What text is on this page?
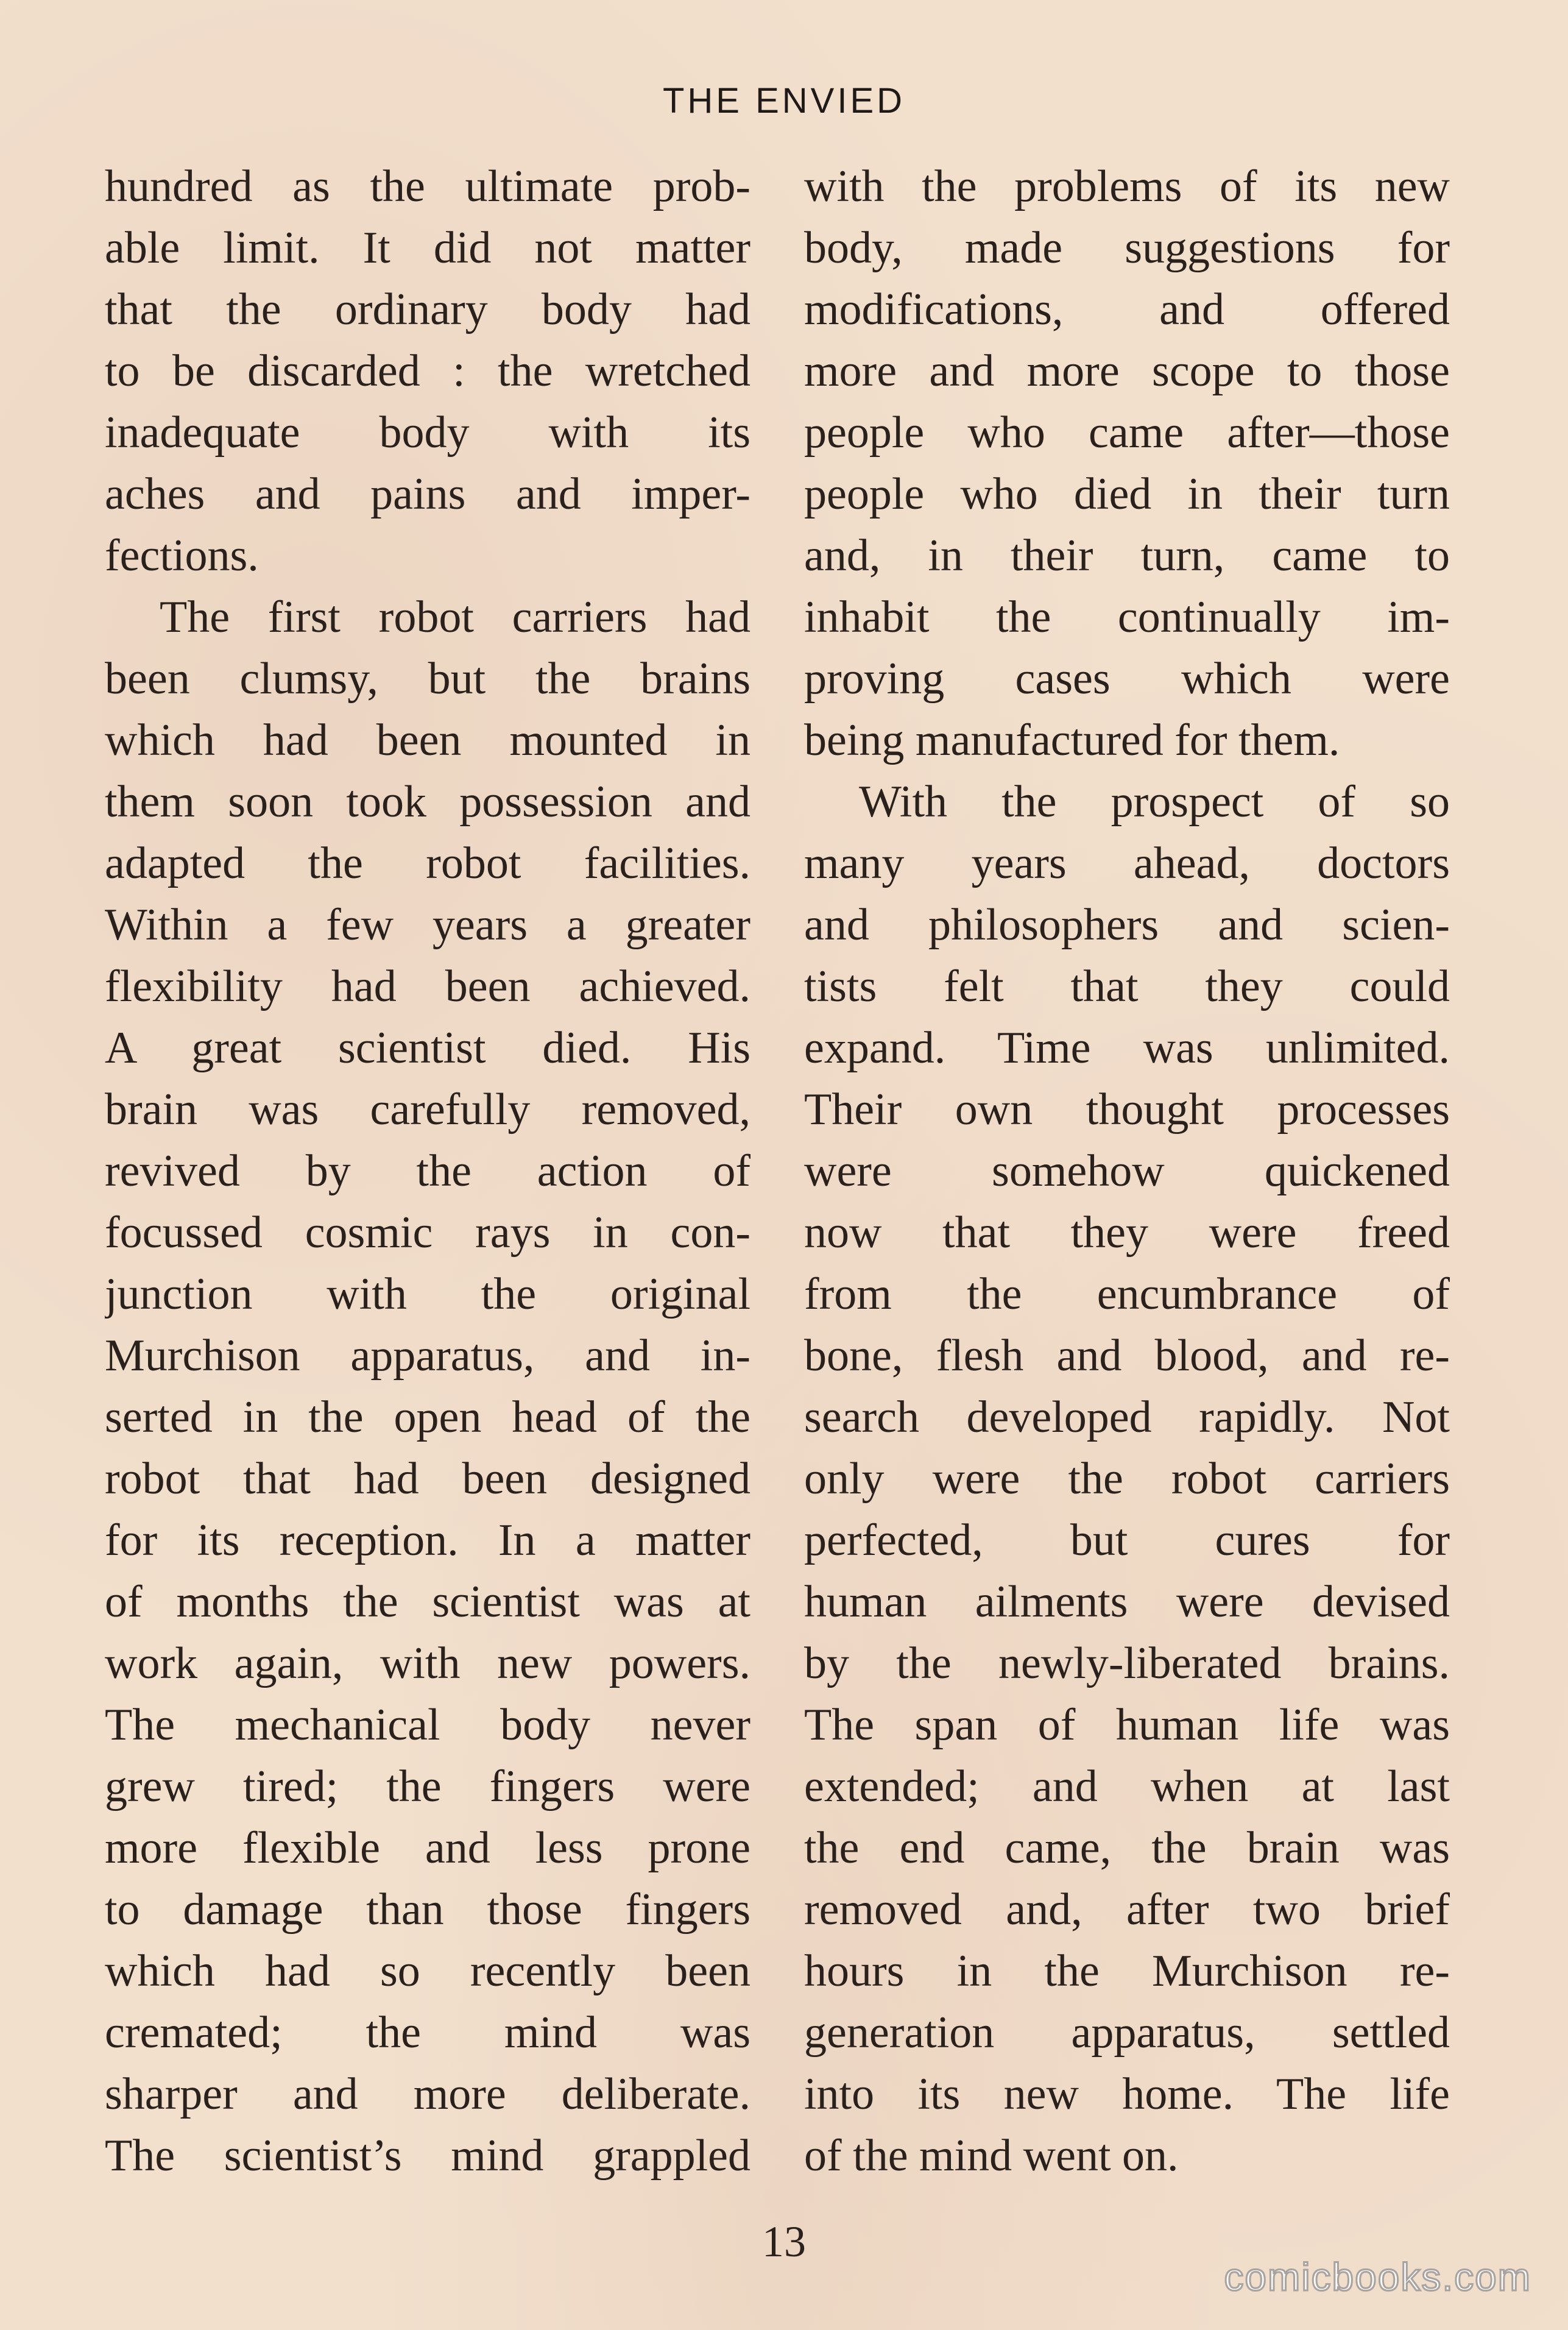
THE ENVIED
hundred as the ultimate prob-
able limit. It did not matter
that the ordinary body had
to be discarded : the wretched
inadequate body with its
aches and pains and imper-
fections.
The first robot carriers had
been clumsy, but the brains
which had been mounted in
them soon took possession and
adapted the robot facilities.
Within a few years a greater
flexibility had been achieved.
A great scientist died. His
brain was carefully removed,
revived by the action of
focussed cosmic rays in con-
junction with the original
Murchison apparatus, and in-
serted in the open head of the
robot that had been designed
for its reception. In a matter
of months the scientist was at
work again, with new powers.
The mechanical body never
grew tired; the fingers were
more flexible and less prone
to damage than those fingers
which had so recently been
cremated; the mind was
sharper and more deliberate.
The scientist’s mind grappled
with the problems of its new
body, made suggestions for
modifications, and offered
more and more scope to those
people who came after—those
people who died in their turn
and, in their turn, came to
inhabit the continually im-
proving cases which were
being manufactured for them.
With the prospect of so
many years ahead, doctors
and philosophers and scien-
tists felt that they could
expand. Time was unlimited.
Their own thought processes
were somehow quickened
now that they were freed
from the encumbrance of
bone, flesh and blood, and re-
search developed rapidly. Not
only were the robot carriers
perfected, but cures for
human ailments were devised
by the newly-liberated brains.
The span of human life was
extended; and when at last
the end came, the brain was
removed and, after two brief
hours in the Murchison re-
generation apparatus, settled
into its new home. The life
of the mind went on.
13
comicbooks.com
